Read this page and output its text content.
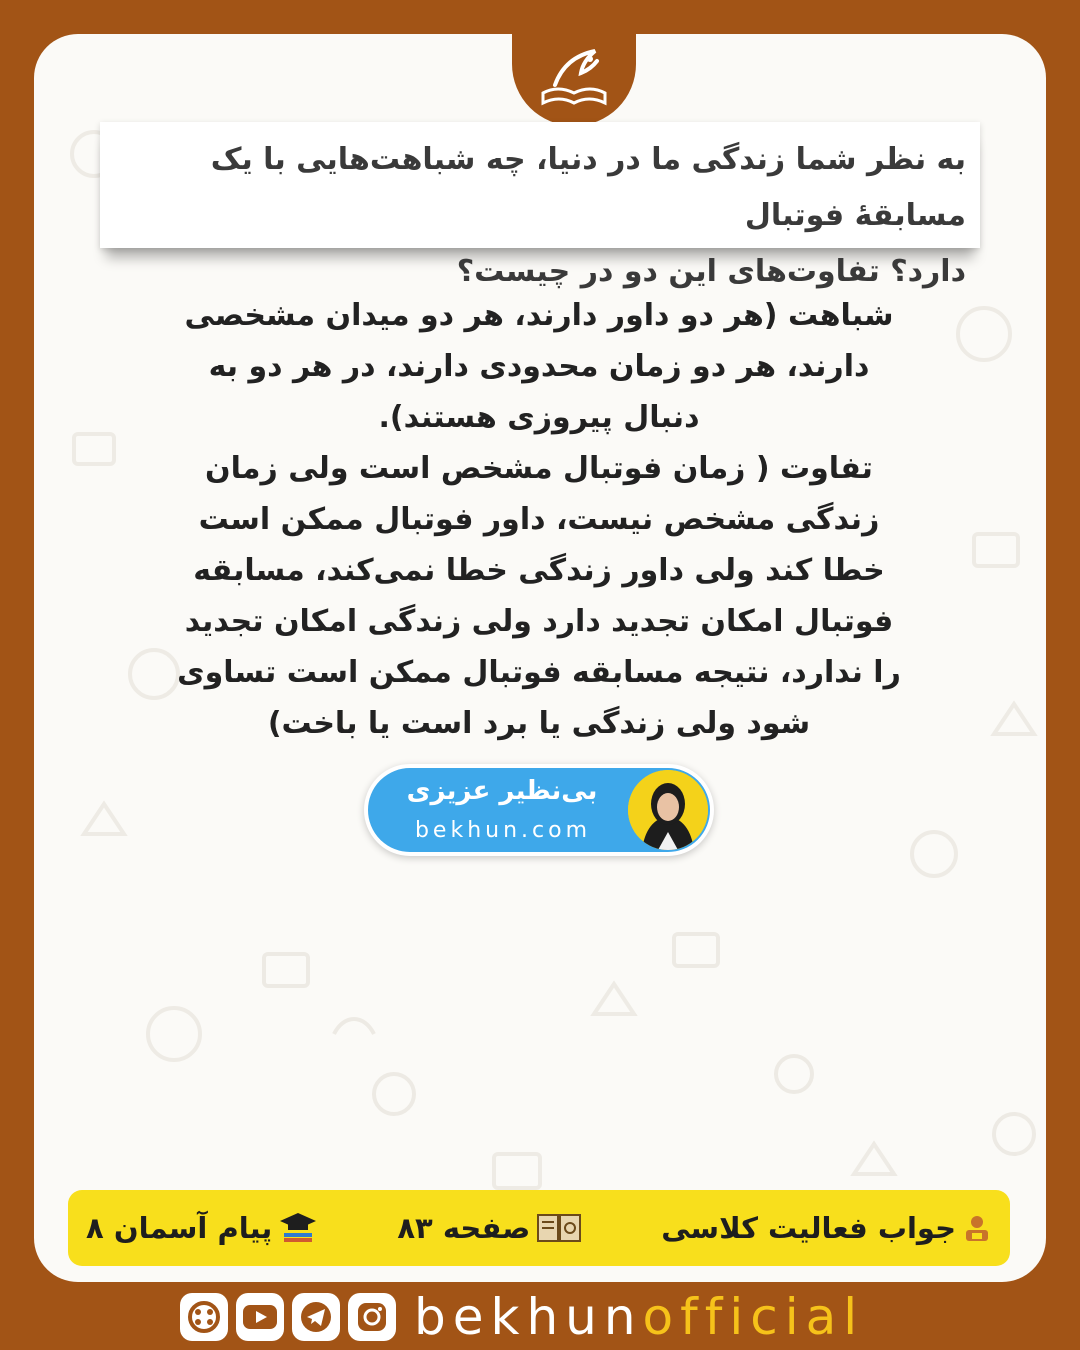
به نظر شما زندگی ما در دنیا، چه شباهت‌هایی با یک مسابقهٔ فوتبال

دارد؟ تفاوت‌های این دو در چیست؟

شباهت (هر دو داور دارند، هر دو میدان مشخصی

دارند، هر دو زمان محدودی دارند، در هر دو به

دنبال پیروزی هستند).

تفاوت ( زمان فوتبال مشخص است ولی زمان

زندگی مشخص نیست، داور فوتبال ممکن است

خطا کند ولی داور زندگی خطا نمی‌کند، مسابقه

فوتبال امکان تجدید دارد ولی زندگی امکان تجدید

را ندارد، نتیجه مسابقه فوتبال ممکن است تساوی

شود ولی زندگی یا برد است یا باخت)

بی‌نظیر عزیزی
bekhun.com
جواب فعالیت کلاسی
صفحه ۸۳
پیام آسمان ۸
bekhunofficial
